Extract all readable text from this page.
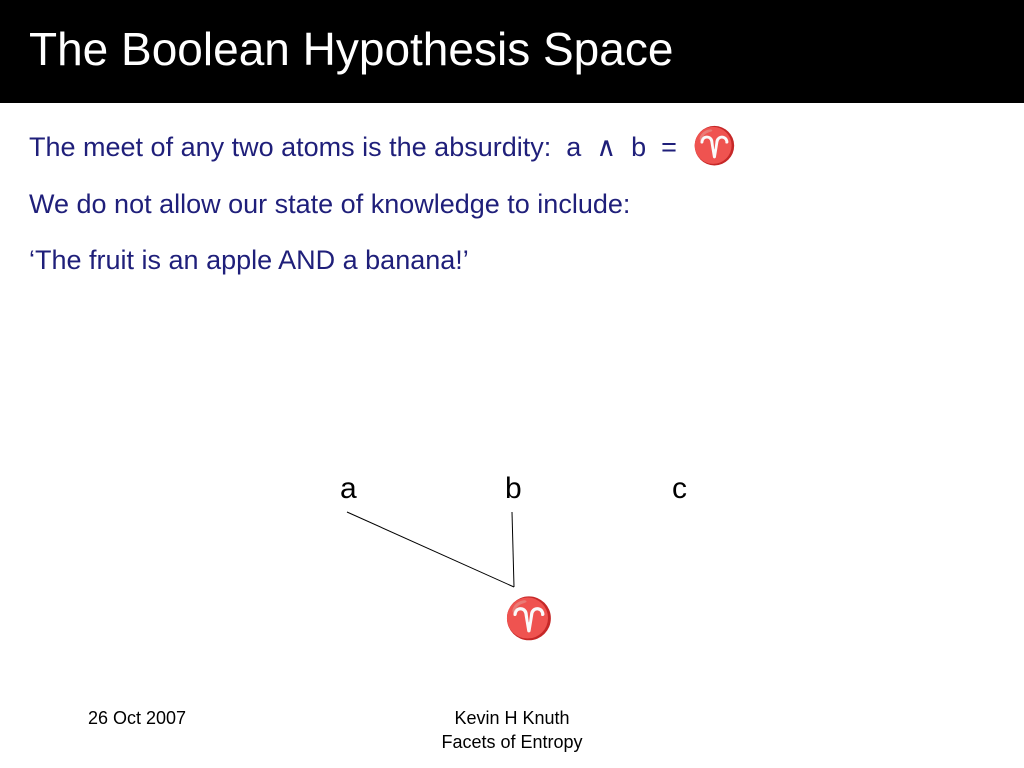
The Boolean Hypothesis Space
The meet of any two atoms is the absurdity: a ∧ b = ♈
We do not allow our state of knowledge to include:
‘The fruit is an apple AND a banana!’
a	b	c
♈
26 Oct 2007	Kevin H Knuth
Facets of Entropy
